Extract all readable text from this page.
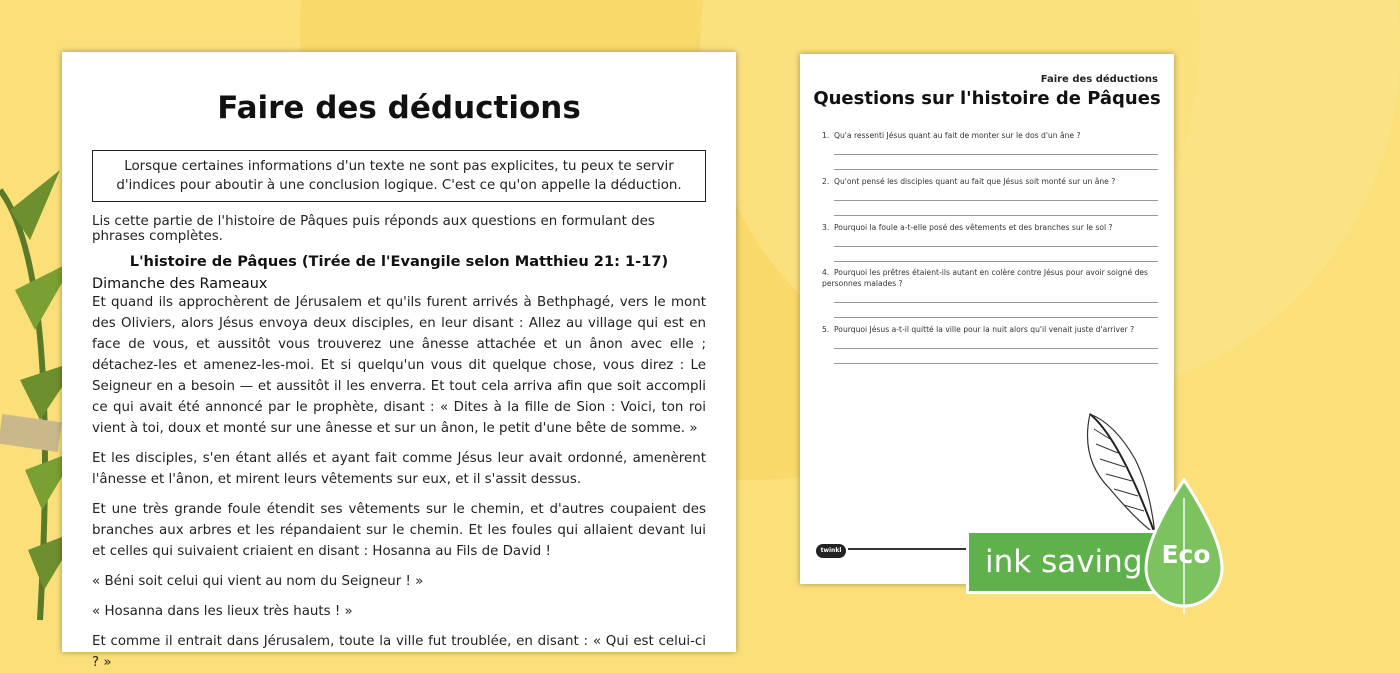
Faire des déductions
Lorsque certaines informations d'un texte ne sont pas explicites, tu peux te servir d'indices pour aboutir à une conclusion logique. C'est ce qu'on appelle la déduction.
Lis cette partie de l'histoire de Pâques puis réponds aux questions en formulant des phrases complètes.
L'histoire de Pâques (Tirée de l'Evangile selon Matthieu 21: 1-17)
Dimanche des Rameaux
Et quand ils approchèrent de Jérusalem et qu'ils furent arrivés à Bethphagé, vers le mont des Oliviers, alors Jésus envoya deux disciples, en leur disant : Allez au village qui est en face de vous, et aussitôt vous trouverez une ânesse attachée et un ânon avec elle ; détachez-les et amenez-les-moi. Et si quelqu'un vous dit quelque chose, vous direz : Le Seigneur en a besoin — et aussitôt il les enverra. Et tout cela arriva afin que soit accompli ce qui avait été annoncé par le prophète, disant : « Dites à la fille de Sion : Voici, ton roi vient à toi, doux et monté sur une ânesse et sur un ânon, le petit d'une bête de somme. »
Et les disciples, s'en étant allés et ayant fait comme Jésus leur avait ordonné, amenèrent l'ânesse et l'ânon, et mirent leurs vêtements sur eux, et il s'assit dessus.
Et une très grande foule étendit ses vêtements sur le chemin, et d'autres coupaient des branches aux arbres et les répandaient sur le chemin. Et les foules qui allaient devant lui et celles qui suivaient criaient en disant : Hosanna au Fils de David !
« Béni soit celui qui vient au nom du Seigneur ! »
« Hosanna dans les lieux très hauts ! »
Et comme il entrait dans Jérusalem, toute la ville fut troublée, en disant : « Qui est celui-ci ? »
Faire des déductions
Questions sur l'histoire de Pâques
1. Qu'a ressenti Jésus quant au fait de monter sur le dos d'un âne ?
2. Qu'ont pensé les disciples quant au fait que Jésus soit monté sur un âne ?
3. Pourquoi la foule a-t-elle posé des vêtements et des branches sur le sol ?
4. Pourquoi les prêtres étaient-ils autant en colère contre Jésus pour avoir soigné des personnes malades ?
5. Pourquoi Jésus a-t-il quitté la ville pour la nuit alors qu'il venait juste d'arriver ?
twinkl	ink saving Eco
